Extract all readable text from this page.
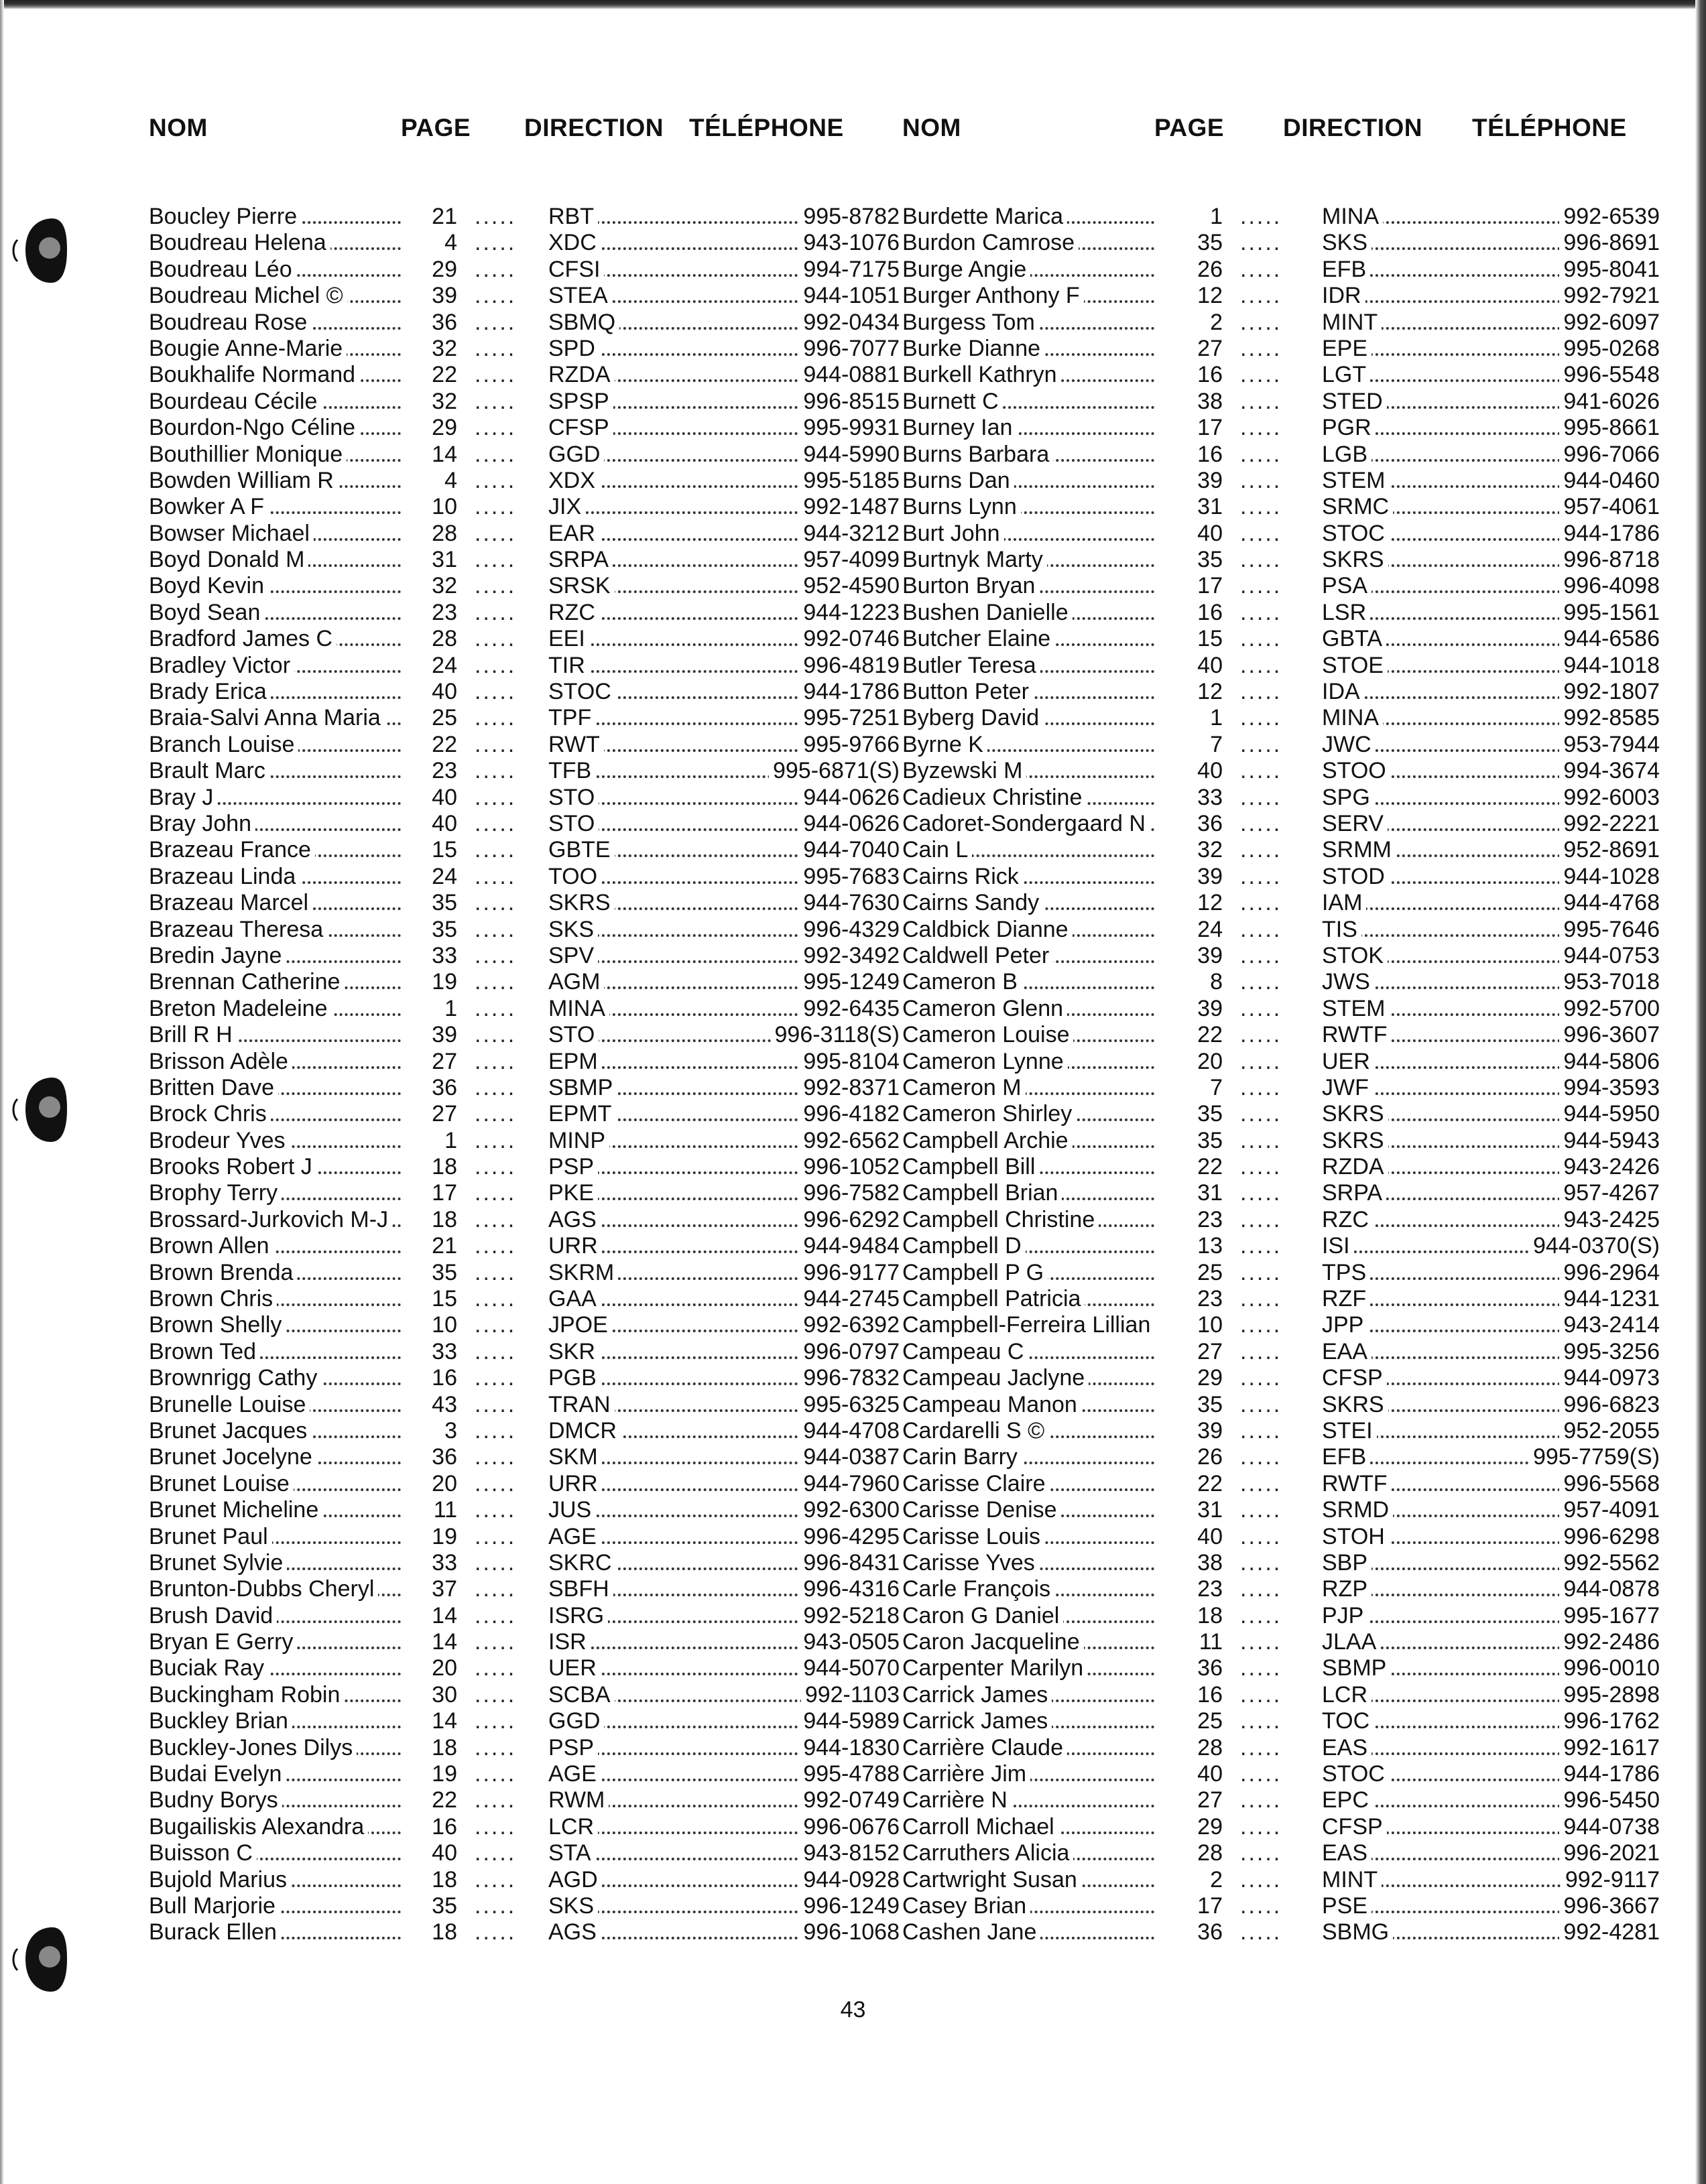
NOM	PAGE DIRECTION TÉLÉPHONE
Boucley Pierre	21 ..... RBT	995-8782
Boudreau Helena	4 ..... XDC	943-1076
Boudreau Léo	29 ..... CFSI	994-7175
Boudreau Michel ©	39 ..... STEA	944-1051
Boudreau Rose	36 ..... SBMQ	992-0434
Bougie Anne-Marie	32 ..... SPD	996-7077
Boukhalife Normand	22 ..... RZDA	944-0881
Bourdeau Cécile	32 ..... SPSP	996-8515
Bourdon-Ngo Céline	29 ..... CFSP	995-9931
Bouthillier Monique	14 ..... GGD	944-5990
Bowden William R	4 ..... XDX	995-5185
Bowker A F	10 ..... JIX	992-1487
Bowser Michael	28 ..... EAR	944-3212
Boyd Donald M	31 ..... SRPA	957-4099
Boyd Kevin	32 ..... SRSK	952-4590
Boyd Sean	23 ..... RZC	944-1223
Bradford James C	28 ..... EEI	992-0746
Bradley Victor	24 ..... TIR	996-4819
Brady Erica	40 ..... STOC	944-1786
Braia-Salvi Anna Maria	25 ..... TPF	995-7251
Branch Louise	22 ..... RWT	995-9766
Brault Marc	23 ..... TFB	995-6871(S)
Bray J	40 ..... STO	944-0626
Bray John	40 ..... STO	944-0626
Brazeau France	15 ..... GBTE	944-7040
Brazeau Linda	24 ..... TOO	995-7683
Brazeau Marcel	35 ..... SKRS	944-7630
Brazeau Theresa	35 ..... SKS	996-4329
Bredin Jayne	33 ..... SPV	992-3492
Brennan Catherine	19 ..... AGM	995-1249
Breton Madeleine	1 ..... MINA	992-6435
Brill R H	39 ..... STO	996-3118(S)
Brisson Adèle	27 ..... EPM	995-8104
Britten Dave	36 ..... SBMP	992-8371
Brock Chris	27 ..... EPMT	996-4182
Brodeur Yves	1 ..... MINP	992-6562
Brooks Robert J	18 ..... PSP	996-1052
Brophy Terry	17 ..... PKE	996-7582
Brossard-Jurkovich M-J	18 ..... AGS	996-6292
Brown Allen	21 ..... URR	944-9484
Brown Brenda	35 ..... SKRM	996-9177
Brown Chris	15 ..... GAA	944-2745
Brown Shelly	10 ..... JPOE	992-6392
Brown Ted	33 ..... SKR	996-0797
Brownrigg Cathy	16 ..... PGB	996-7832
Brunelle Louise	43 ..... TRAN	995-6325
Brunet Jacques	3 ..... DMCR	944-4708
Brunet Jocelyne	36 ..... SKM	944-0387
Brunet Louise	20 ..... URR	944-7960
Brunet Micheline	11 ..... JUS	992-6300
Brunet Paul	19 ..... AGE	996-4295
Brunet Sylvie	33 ..... SKRC	996-8431
Brunton-Dubbs Cheryl	37 ..... SBFH	996-4316
Brush David	14 ..... ISRG	992-5218
Bryan E Gerry	14 ..... ISR	943-0505
Buciak Ray	20 ..... UER	944-5070
Buckingham Robin	30 ..... SCBA	992-1103
Buckley Brian	14 ..... GGD	944-5989
Buckley-Jones Dilys	18 ..... PSP	944-1830
Budai Evelyn	19 ..... AGE	995-4788
Budny Borys	22 ..... RWM	992-0749
Bugailiskis Alexandra	16 ..... LCR	996-0676
Buisson C	40 ..... STA	943-8152
Bujold Marius	18 ..... AGD	944-0928
Bull Marjorie	35 ..... SKS	996-1249
Burack Ellen	18 ..... AGS	996-1068
NOM	PAGE DIRECTION TÉLÉPHONE
Burdette Marica	1 ..... MINA	992-6539
Burdon Camrose	35 ..... SKS	996-8691
Burge Angie	26 ..... EFB	995-8041
Burger Anthony F	12 ..... IDR	992-7921
Burgess Tom	2 ..... MINT	992-6097
Burke Dianne	27 ..... EPE	995-0268
Burkell Kathryn	16 ..... LGT	996-5548
Burnett C	38 ..... STED	941-6026
Burney Ian	17 ..... PGR	995-8661
Burns Barbara	16 ..... LGB	996-7066
Burns Dan	39 ..... STEM	944-0460
Burns Lynn	31 ..... SRMC	957-4061
Burt John	40 ..... STOC	944-1786
Burtnyk Marty	35 ..... SKRS	996-8718
Burton Bryan	17 ..... PSA	996-4098
Bushen Danielle	16 ..... LSR	995-1561
Butcher Elaine	15 ..... GBTA	944-6586
Butler Teresa	40 ..... STOE	944-1018
Button Peter	12 ..... IDA	992-1807
Byberg David	1 ..... MINA	992-8585
Byrne K	7 ..... JWC	953-7944
Byzewski M	40 ..... STOO	994-3674
Cadieux Christine	33 ..... SPG	992-6003
Cadoret-Sondergaard N	36 ..... SERV	992-2221
Cain L	32 ..... SRMM	952-8691
Cairns Rick	39 ..... STOD	944-1028
Cairns Sandy	12 ..... IAM	944-4768
Caldbick Dianne	24 ..... TIS	995-7646
Caldwell Peter	39 ..... STOK	944-0753
Cameron B	8 ..... JWS	953-7018
Cameron Glenn	39 ..... STEM	992-5700
Cameron Louise	22 ..... RWTF	996-3607
Cameron Lynne	20 ..... UER	944-5806
Cameron M	7 ..... JWF	994-3593
Cameron Shirley	35 ..... SKRS	944-5950
Campbell Archie	35 ..... SKRS	944-5943
Campbell Bill	22 ..... RZDA	943-2426
Campbell Brian	31 ..... SRPA	957-4267
Campbell Christine	23 ..... RZC	943-2425
Campbell D	13 ..... ISI	944-0370(S)
Campbell P G	25 ..... TPS	996-2964
Campbell Patricia	23 ..... RZF	944-1231
Campbell-Ferreira Lillian	10 ..... JPP	943-2414
Campeau C	27 ..... EAA	995-3256
Campeau Jaclyne	29 ..... CFSP	944-0973
Campeau Manon	35 ..... SKRS	996-6823
Cardarelli S ©	39 ..... STEI	952-2055
Carin Barry	26 ..... EFB	995-7759(S)
Carisse Claire	22 ..... RWTF	996-5568
Carisse Denise	31 ..... SRMD	957-4091
Carisse Louis	40 ..... STOH	996-6298
Carisse Yves	38 ..... SBP	992-5562
Carle François	23 ..... RZP	944-0878
Caron G Daniel	18 ..... PJP	995-1677
Caron Jacqueline	11 ..... JLAA	992-2486
Carpenter Marilyn	36 ..... SBMP	996-0010
Carrick James	16 ..... LCR	995-2898
Carrick James	25 ..... TOC	996-1762
Carrière Claude	28 ..... EAS	992-1617
Carrière Jim	40 ..... STOC	944-1786
Carrière N	27 ..... EPC	996-5450
Carroll Michael	29 ..... CFSP	944-0738
Carruthers Alicia	28 ..... EAS	996-2021
Cartwright Susan	2 ..... MINT	992-9117
Casey Brian	17 ..... PSE	996-3667
Cashen Jane	36 ..... SBMG	992-4281
43
